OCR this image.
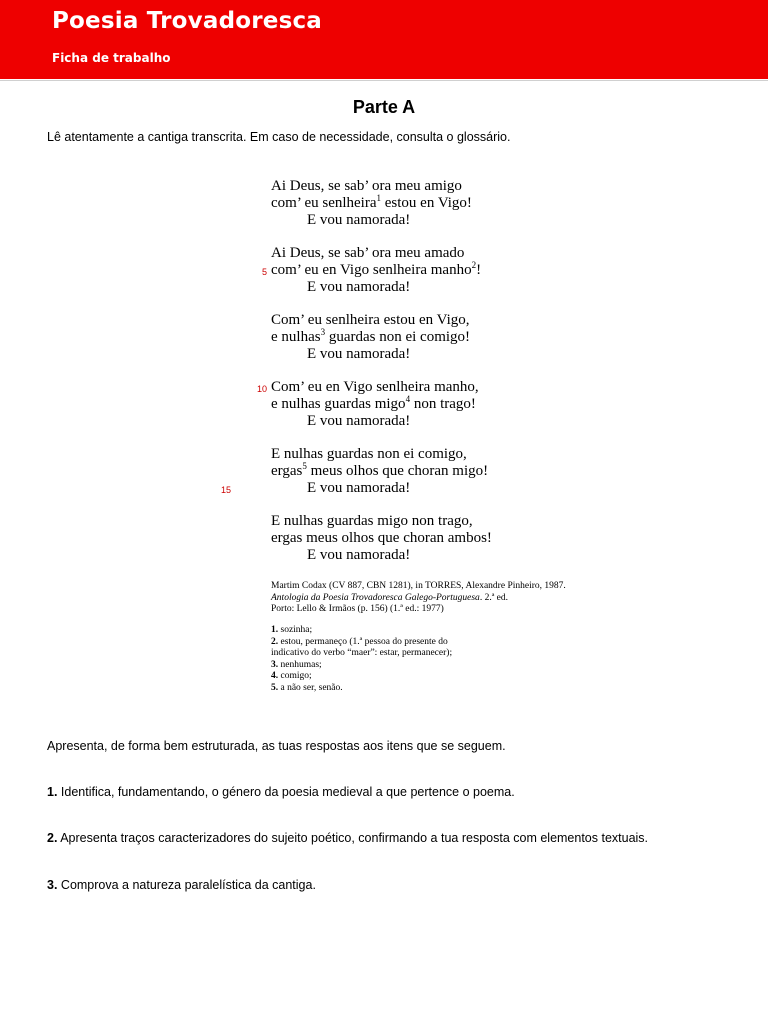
Poesia Trovadoresca
Ficha de trabalho
Parte A
Lê atentamente a cantiga transcrita. Em caso de necessidade, consulta o glossário.
Ai Deus, se sab’ ora meu amigo
com’ eu senlheira$^1$ estou en Vigo!
E vou namorada!
Ai Deus, se sab’ ora meu amado
5 com’ eu en Vigo senlheira manho$^2$!
E vou namorada!
Com’ eu senlheira estou en Vigo,
e nulhas$^3$ guardas non ei comigo!
E vou namorada!
10 Com’ eu en Vigo senlheira manho,
e nulhas guardas migo$^4$ non trago!
E vou namorada!
E nulhas guardas non ei comigo,
ergas$^5$ meus olhos que choran migo!
15	E vou namorada!
E nulhas guardas migo non trago,
ergas meus olhos que choran ambos!
E vou namorada!
Martim Codax (CV 887, CBN 1281), in TORRES, Alexandre Pinheiro, 1987.
Antologia da Poesia Trovadoresca Galego-Portuguesa. 2.ª ed.
Porto: Lello & Irmãos (p. 156) (1.ª ed.: 1977)
1. sozinha;
2. estou, permaneço (1.ª pessoa do presente do
indicativo do verbo “maer”: estar, permanecer);
3. nenhumas;
4. comigo;
5. a não ser, senão.
Apresenta, de forma bem estruturada, as tuas respostas aos itens que se seguem.
1. Identifica, fundamentando, o género da poesia medieval a que pertence o poema.
2. Apresenta traços caracterizadores do sujeito poético, confirmando a tua resposta com elementos textuais.
3. Comprova a natureza paralelística da cantiga.
